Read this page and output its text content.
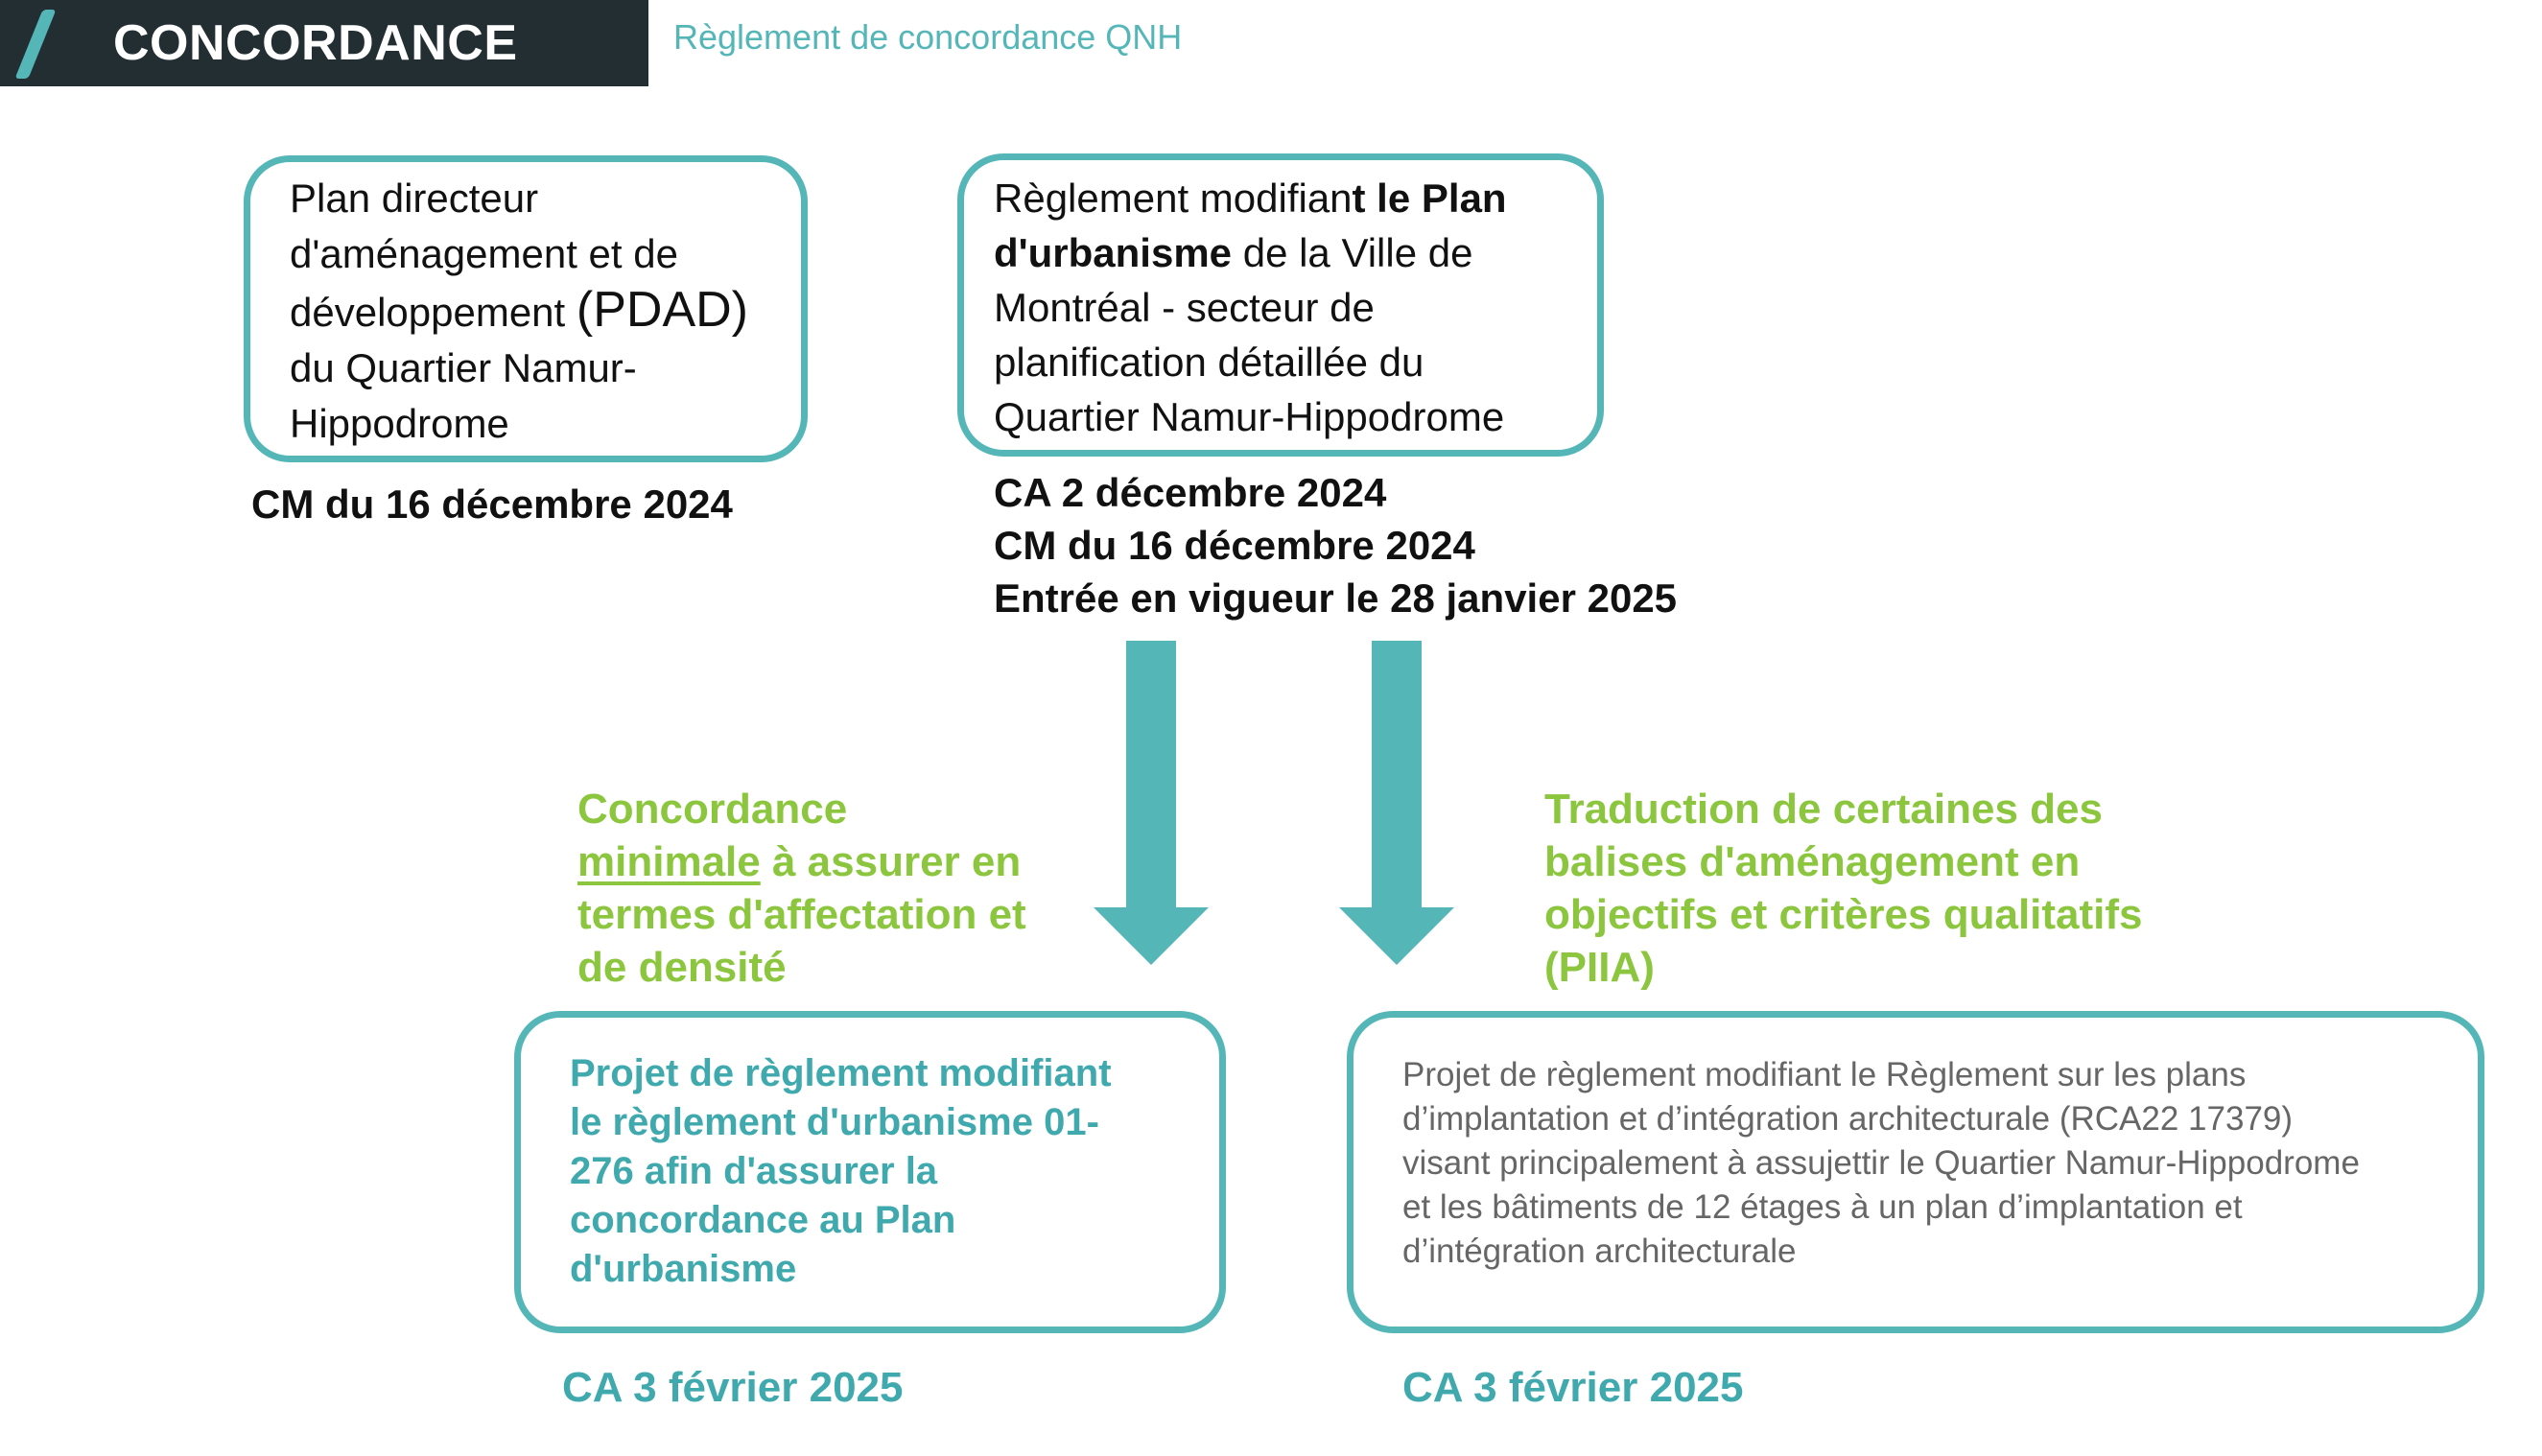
CONCORDANCE	Règlement de concordance QNH
Plan directeur
d'aménagement et de
développement (PDAD)
du Quartier Namur-
Hippodrome
CM du 16 décembre 2024
Règlement modifiant le Plan
d'urbanisme de la Ville de
Montréal - secteur de
planification détaillée du
Quartier Namur-Hippodrome
CA 2 décembre 2024
CM du 16 décembre 2024
Entrée en vigueur le 28 janvier 2025
Concordance
minimale à assurer en
termes d'affectation et
de densité
Traduction de certaines des
balises d'aménagement en
objectifs et critères qualitatifs
(PIIA)
Projet de règlement modifiant
le règlement d'urbanisme 01-
276 afin d'assurer la
concordance au Plan
d'urbanisme
CA 3 février 2025
Projet de règlement modifiant le Règlement sur les plans
d’implantation et d’intégration architecturale (RCA22 17379)
visant principalement à assujettir le Quartier Namur-Hippodrome
et les bâtiments de 12 étages à un plan d’implantation et
d’intégration architecturale
CA 3 février 2025
